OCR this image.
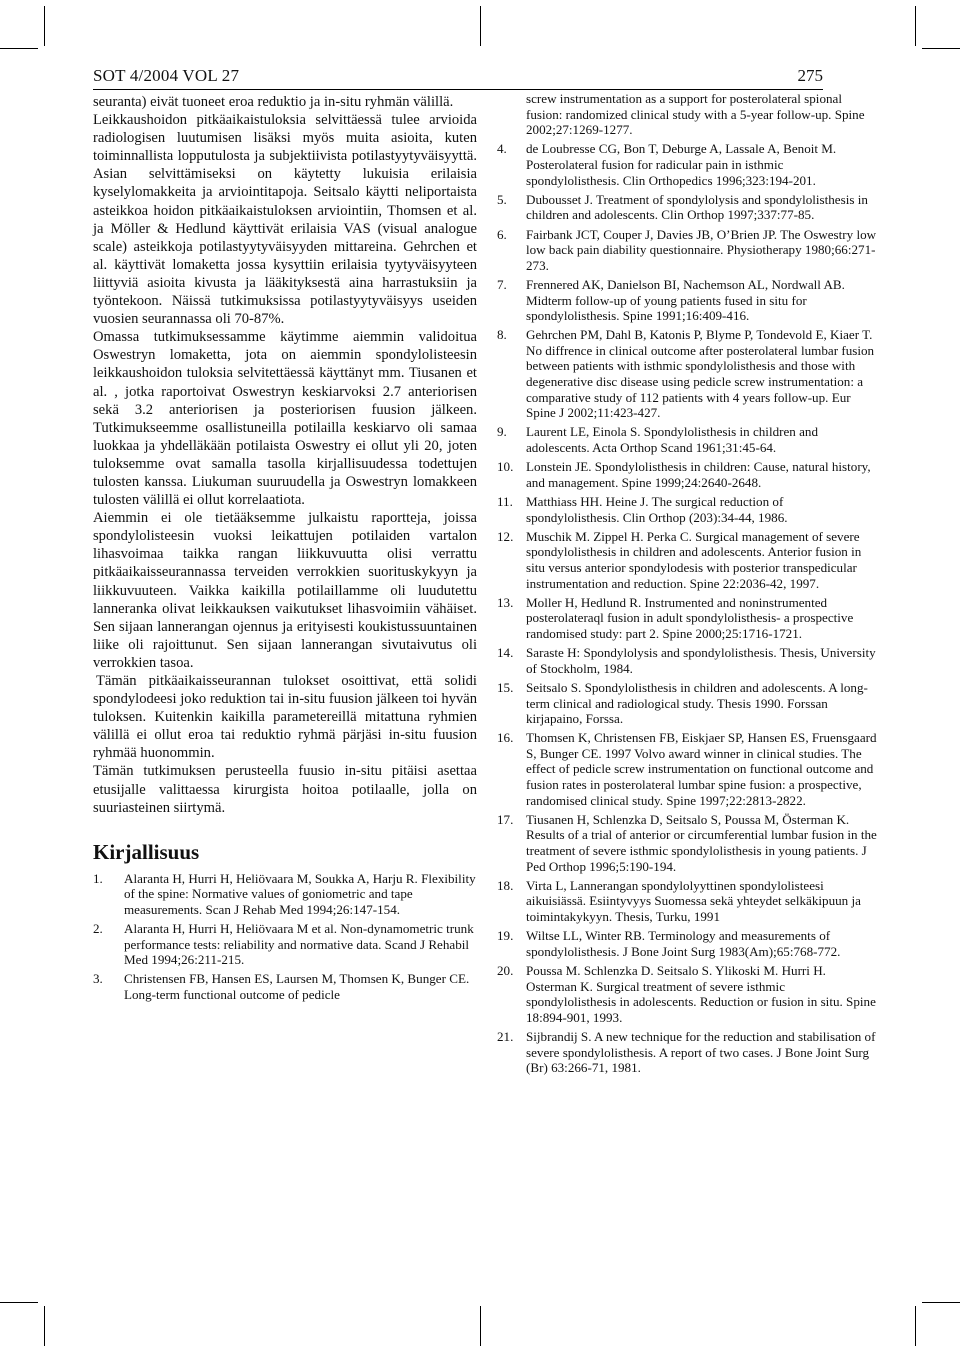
SOT 4/2004 VOL 27	275

seuranta) eivät tuoneet eroa reduktio ja in-situ ryhmän välillä.

Leikkaushoidon pitkäaikaistuloksia selvittäessä tulee arvioida radiologisen luutumisen lisäksi myös muita asioita, kuten toiminnallista lopputulosta ja subjektiivista potilastyytyväisyyttä. Asian selvittämiseksi on käytetty lukuisia erilaisia kyselylomakkeita ja arviointitapoja. Seitsalo käytti neliportaista asteikkoa hoidon pitkäaikaistuloksen arviointiin, Thomsen et al. ja Möller & Hedlund käyttivät erilaisia VAS (visual analogue scale) asteikkoja potilastyytyväisyyden mittareina. Gehrchen et al. käyttivät lomaketta jossa kysyttiin erilaisia tyytyväisyyteen liittyviä asioita kivusta ja lääkityksestä aina harrastuksiin ja työntekoon. Näissä tutkimuksissa potilastyytyväisyys useiden vuosien seurannassa oli 70-87%.

Omassa tutkimuksessamme käytimme aiemmin validoitua Oswestryn lomaketta, jota on aiemmin spondylolisteesin leikkaushoidon tuloksia selvitettäessä käyttänyt mm. Tiusanen et al. , jotka raportoivat Oswestryn keskiarvoksi 2.7 anteriorisen sekä 3.2 anteriorisen ja posteriorisen fuusion jälkeen. Tutkimukseemme osallistuneilla potilailla keskiarvo oli samaa luokkaa ja yhdelläkään potilaista Oswestry ei ollut yli 20, joten tuloksemme ovat samalla tasolla kirjallisuudessa todettujen tulosten kanssa. Liukuman suuruudella ja Oswestryn lomakkeen tulosten välillä ei ollut korrelaatiota.

Aiemmin ei ole tietääksemme julkaistu raportteja, joissa spondylolisteesin vuoksi leikattujen potilaiden vartalon lihasvoimaa taikka rangan liikkuvuutta olisi verrattu pitkäaikaisseurannassa terveiden verrokkien suorituskykyyn ja liikkuvuuteen. Vaikka kaikilla potilaillamme oli luudutettu lanneranka olivat leikkauksen vaikutukset lihasvoimiin vähäiset. Sen sijaan lannerangan ojennus ja erityisesti koukistussuuntainen liike oli rajoittunut. Sen sijaan lannerangan sivutaivutus oli verrokkien tasoa.

Tämän pitkäaikaisseurannan tulokset osoittivat, että solidi spondylodeesi joko reduktion tai in-situ fuusion jälkeen toi hyvän tuloksen. Kuitenkin kaikilla parametereillä mitattuna ryhmien välillä ei ollut eroa tai reduktio ryhmä pärjäsi in-situ fuusion ryhmää huonommin.

Tämän tutkimuksen perusteella fuusio in-situ pitäisi asettaa etusijalle valittaessa kirurgista hoitoa potilaalle, jolla on suuriasteinen siirtymä.

Kirjallisuus
1. Alaranta H, Hurri H, Heliövaara M, Soukka A, Harju R. Flexibility of the spine: Normative values of goniometric and tape measurements. Scan J Rehab Med 1994;26:147-154.
2. Alaranta H, Hurri H, Heliövaara M et al. Non-dynamometric trunk performance tests: reliability and normative data. Scand J Rehabil Med 1994;26:211-215.
3. Christensen FB, Hansen ES, Laursen M, Thomsen K, Bunger CE. Long-term functional outcome of pedicle
screw instrumentation as a support for posterolateral spional fusion: randomized clinical study with a 5-year follow-up. Spine 2002;27:1269-1277.
4. de Loubresse CG, Bon T, Deburge A, Lassale A, Benoit M. Posterolateral fusion for radicular pain in isthmic spondylolisthesis. Clin Orthopedics 1996;323:194-201.
5. Dubousset J. Treatment of spondylolysis and spondylolisthesis in children and adolescents. Clin Orthop 1997;337:77-85.
6. Fairbank JCT, Couper J, Davies JB, O’Brien JP. The Oswestry low low back pain diability questionnaire. Physiotherapy 1980;66:271-273.
7. Frennered AK, Danielson BI, Nachemson AL, Nordwall AB. Midterm follow-up of young patients fused in situ for spondylolisthesis. Spine 1991;16:409-416.
8. Gehrchen PM, Dahl B, Katonis P, Blyme P, Tondevold E, Kiaer T. No diffrence in clinical outcome after posterolateral lumbar fusion between patients with isthmic spondylolisthesis and those with degenerative disc disease using pedicle screw instrumentation: a comparative study of 112 patients with 4 years follow-up. Eur Spine J 2002;11:423-427.
9. Laurent LE, Einola S. Spondylolisthesis in children and adolescents. Acta Orthop Scand 1961;31:45-64.
10. Lonstein JE. Spondylolisthesis in children: Cause, natural history, and management. Spine 1999;24:2640-2648.
11. Matthiass HH. Heine J. The surgical reduction of spondylolisthesis. Clin Orthop (203):34-44, 1986.
12. Muschik M. Zippel H. Perka C. Surgical management of severe spondylolisthesis in children and adolescents. Anterior fusion in situ versus anterior spondylodesis with posterior transpedicular instrumentation and reduction. Spine 22:2036-42, 1997.
13. Moller H, Hedlund R. Instrumented and noninstrumented posterolateraql fusion in adult spondylolisthesis- a prospective randomised study: part 2. Spine 2000;25:1716-1721.
14. Saraste H: Spondylolysis and spondylolisthesis. Thesis, University of Stockholm, 1984.
15. Seitsalo S. Spondylolisthesis in children and adolescents. A long-term clinical and radiological study. Thesis 1990. Forssan kirjapaino, Forssa.
16. Thomsen K, Christensen FB, Eiskjaer SP, Hansen ES, Fruensgaard S, Bunger CE. 1997 Volvo award winner in clinical studies. The effect of pedicle screw instrumentation on functional outcome and fusion rates in posterolateral lumbar spine fusion: a prospective, randomised clinical study. Spine 1997;22:2813-2822.
17. Tiusanen H, Schlenzka D, Seitsalo S, Poussa M, Österman K. Results of a trial of anterior or circumferential lumbar fusion in the treatment of severe isthmic spondylolisthesis in young patients. J Ped Orthop 1996;5:190-194.
18. Virta L, Lannerangan spondylolyyttinen spondylolisteesi aikuisiässä. Esiintyvyys Suomessa sekä yhteydet selkäkipuun ja toimintakykyyn. Thesis, Turku, 1991
19. Wiltse LL, Winter RB. Terminology and measurements of spondylolisthesis. J Bone Joint Surg 1983(Am);65:768-772.
20. Poussa M. Schlenzka D. Seitsalo S. Ylikoski M. Hurri H. Osterman K. Surgical treatment of severe isthmic spondylolisthesis in adolescents. Reduction or fusion in situ. Spine 18:894-901, 1993.
21. Sijbrandij S. A new technique for the reduction and stabilisation of severe spondylolisthesis. A report of two cases. J Bone Joint Surg (Br) 63:266-71, 1981.
